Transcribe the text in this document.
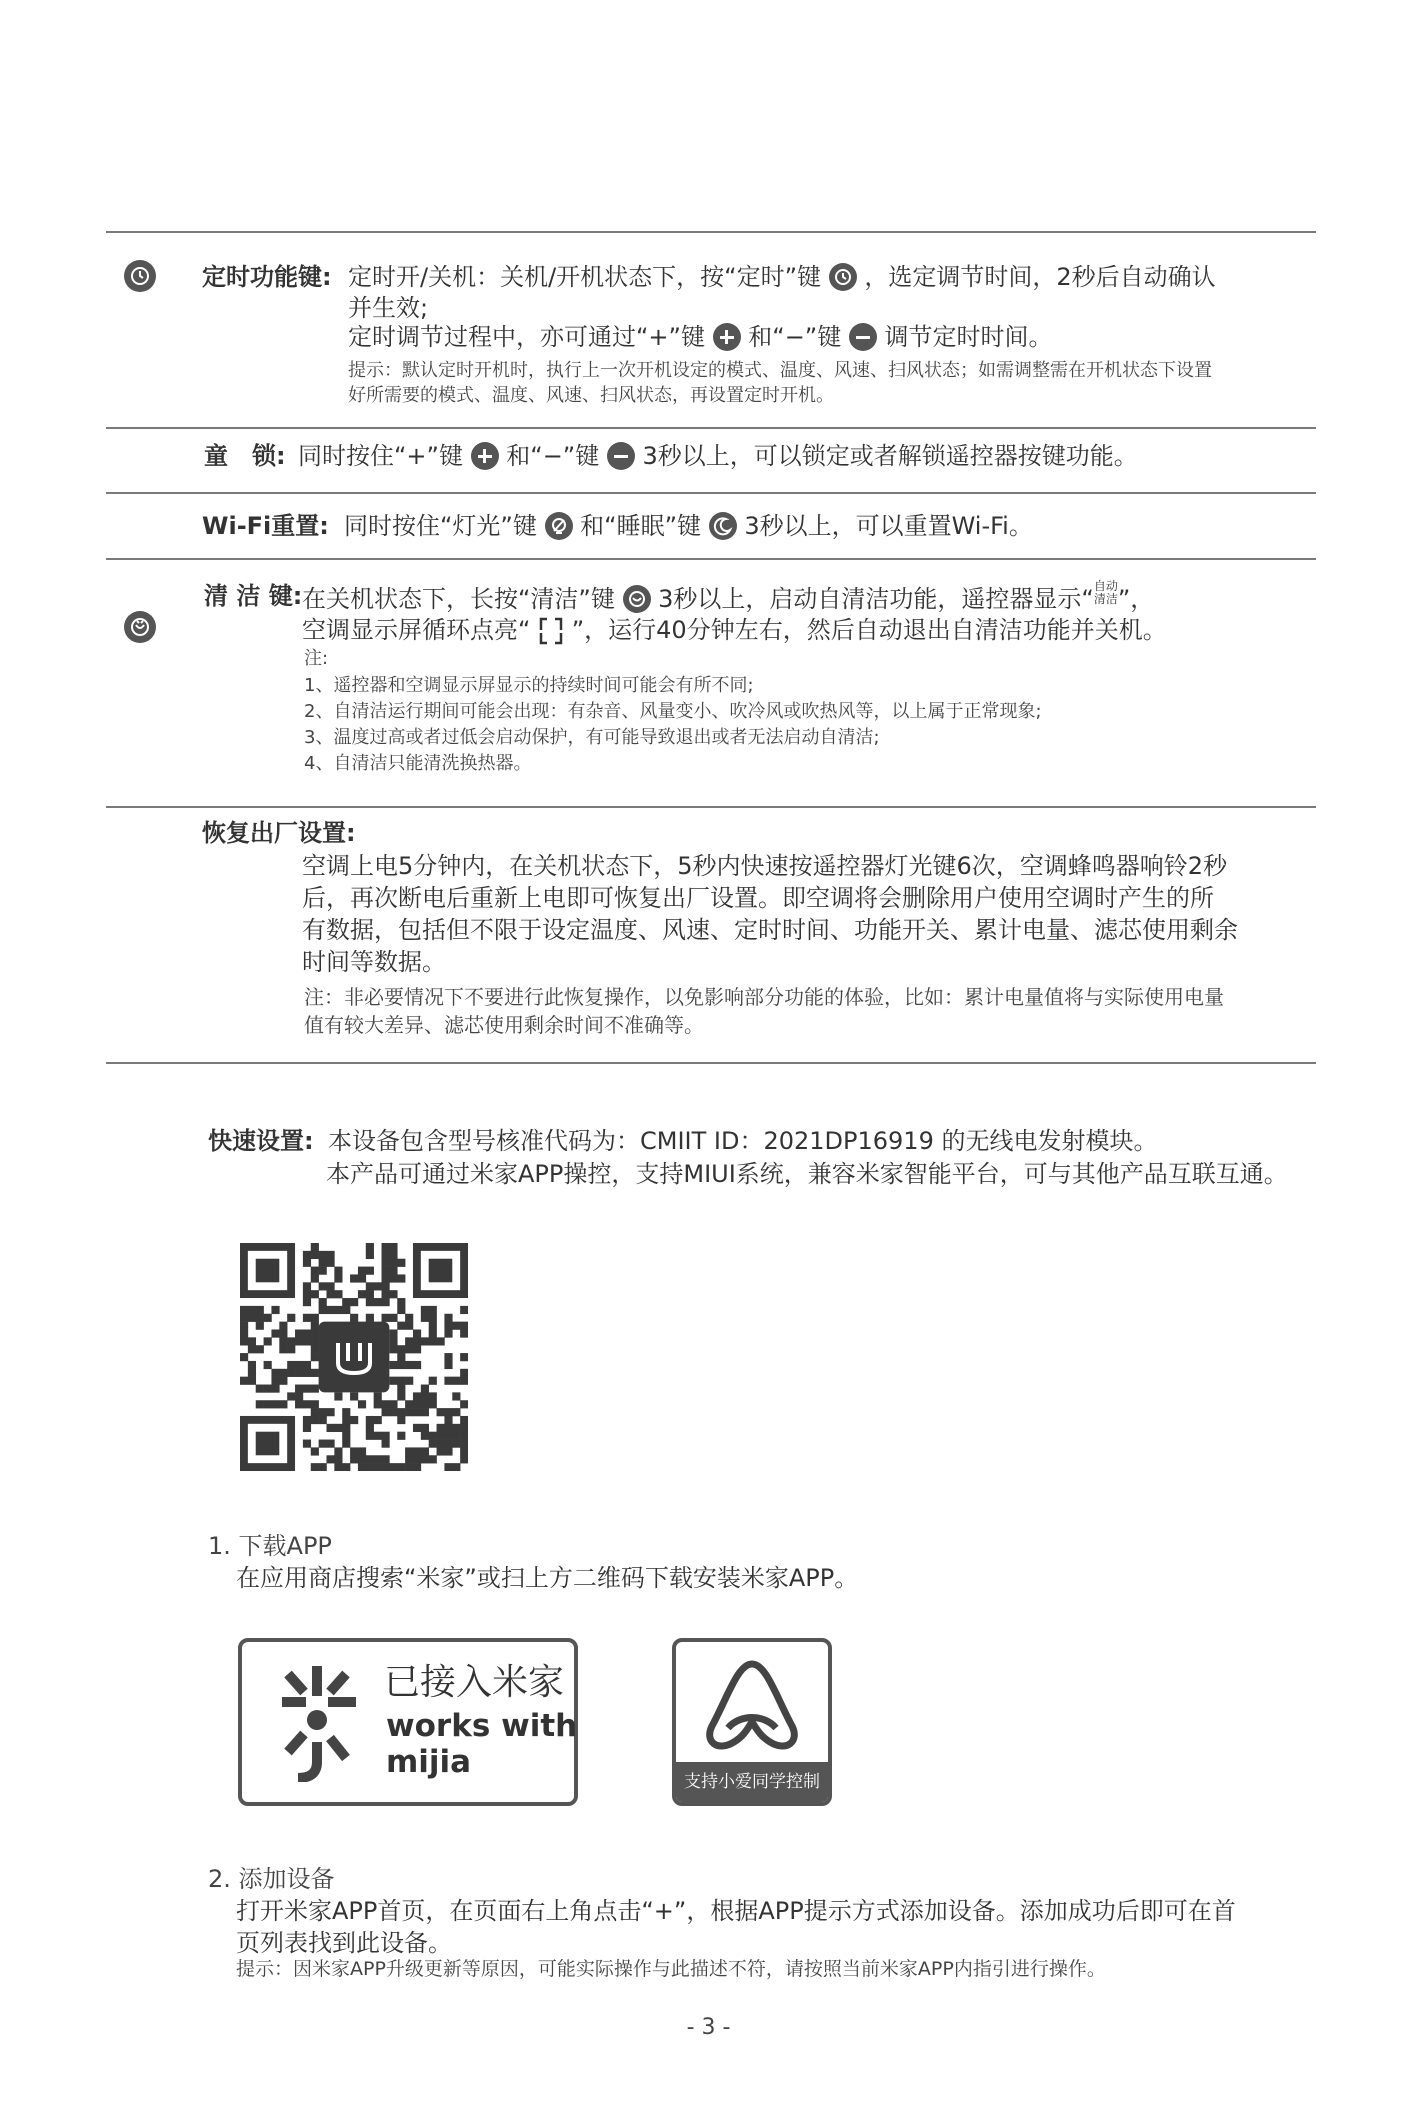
定时功能键: 定时开/关机：关机/开机状态下，按“定时”键 ，选定调节时间，2秒后自动确认
并生效;
定时调节过程中，亦可通过“+”键 和“−”键 调节定时时间。
提示：默认定时开机时，执行上一次开机设定的模式、温度、风速、扫风状态；如需调整需在开机状态下设置
好所需要的模式、温度、风速、扫风状态，再设置定时开机。
童　锁: 同时按住“+”键 和“−”键 3秒以上，可以锁定或者解锁遥控器按键功能。
Wi-Fi重置: 同时按住“灯光”键 和“睡眠”键 3秒以上，可以重置Wi-Fi。
清 洁 键: 在关机状态下，长按“清洁”键 3秒以上，启动自清洁功能，遥控器显示“自动
清洁”，
空调显示屏循环点亮“ ”，运行40分钟左右，然后自动退出自清洁功能并关机。
注:
1、遥控器和空调显示屏显示的持续时间可能会有所不同;
2、自清洁运行期间可能会出现：有杂音、风量变小、吹冷风或吹热风等，以上属于正常现象;
3、温度过高或者过低会启动保护，有可能导致退出或者无法启动自清洁;
4、自清洁只能清洗换热器。
恢复出厂设置:
空调上电5分钟内，在关机状态下，5秒内快速按遥控器灯光键6次，空调蜂鸣器响铃2秒
后，再次断电后重新上电即可恢复出厂设置。即空调将会删除用户使用空调时产生的所
有数据，包括但不限于设定温度、风速、定时时间、功能开关、累计电量、滤芯使用剩余
时间等数据。
注：非必要情况下不要进行此恢复操作，以免影响部分功能的体验，比如：累计电量值将与实际使用电量
值有较大差异、滤芯使用剩余时间不准确等。
快速设置: 本设备包含型号核准代码为：CMIIT ID：2021DP16919 的无线电发射模块。
本产品可通过米家APP操控，支持MIUI系统，兼容米家智能平台，可与其他产品互联互通。
1. 下载APP
在应用商店搜索“米家”或扫上方二维码下载安装米家APP。
已接入米家
works with
mijia
支持小爱同学控制
2. 添加设备
打开米家APP首页，在页面右上角点击“+”，根据APP提示方式添加设备。添加成功后即可在首
页列表找到此设备。
提示：因米家APP升级更新等原因，可能实际操作与此描述不符，请按照当前米家APP内指引进行操作。
- 3 -
